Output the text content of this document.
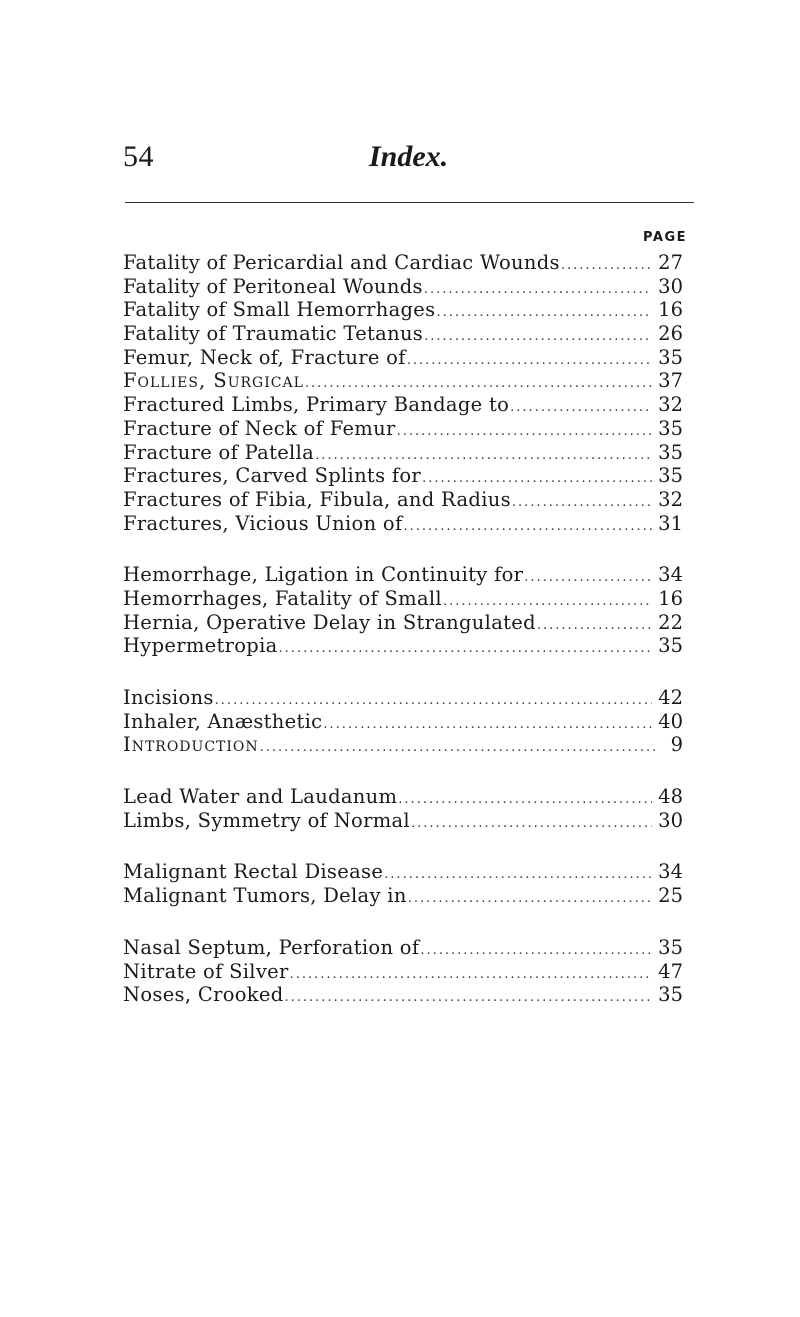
54	Index.
PAGE
Fatality of Pericardial and Cardiac Wounds .....	27
Fatality of Peritoneal Wounds .....	30
Fatality of Small Hemorrhages .....	16
Fatality of Traumatic Tetanus .....	26
Femur, Neck of, Fracture of .....	35
Follies, Surgical .....	37
Fractured Limbs, Primary Bandage to .....	32
Fracture of Neck of Femur .....	35
Fracture of Patella .....	35
Fractures, Carved Splints for .....	35
Fractures of Fibia, Fibula, and Radius .....	32
Fractures, Vicious Union of .....	31
Hemorrhage, Ligation in Continuity for .....	34
Hemorrhages, Fatality of Small .....	16
Hernia, Operative Delay in Strangulated .....	22
Hypermetropia .....	35
Incisions .....	42
Inhaler, Anæsthetic .....	40
Introduction .....	9
Lead Water and Laudanum .....	48
Limbs, Symmetry of Normal .....	30
Malignant Rectal Disease .....	34
Malignant Tumors, Delay in .....	25
Nasal Septum, Perforation of .....	35
Nitrate of Silver .....	47
Noses, Crooked .....	35
